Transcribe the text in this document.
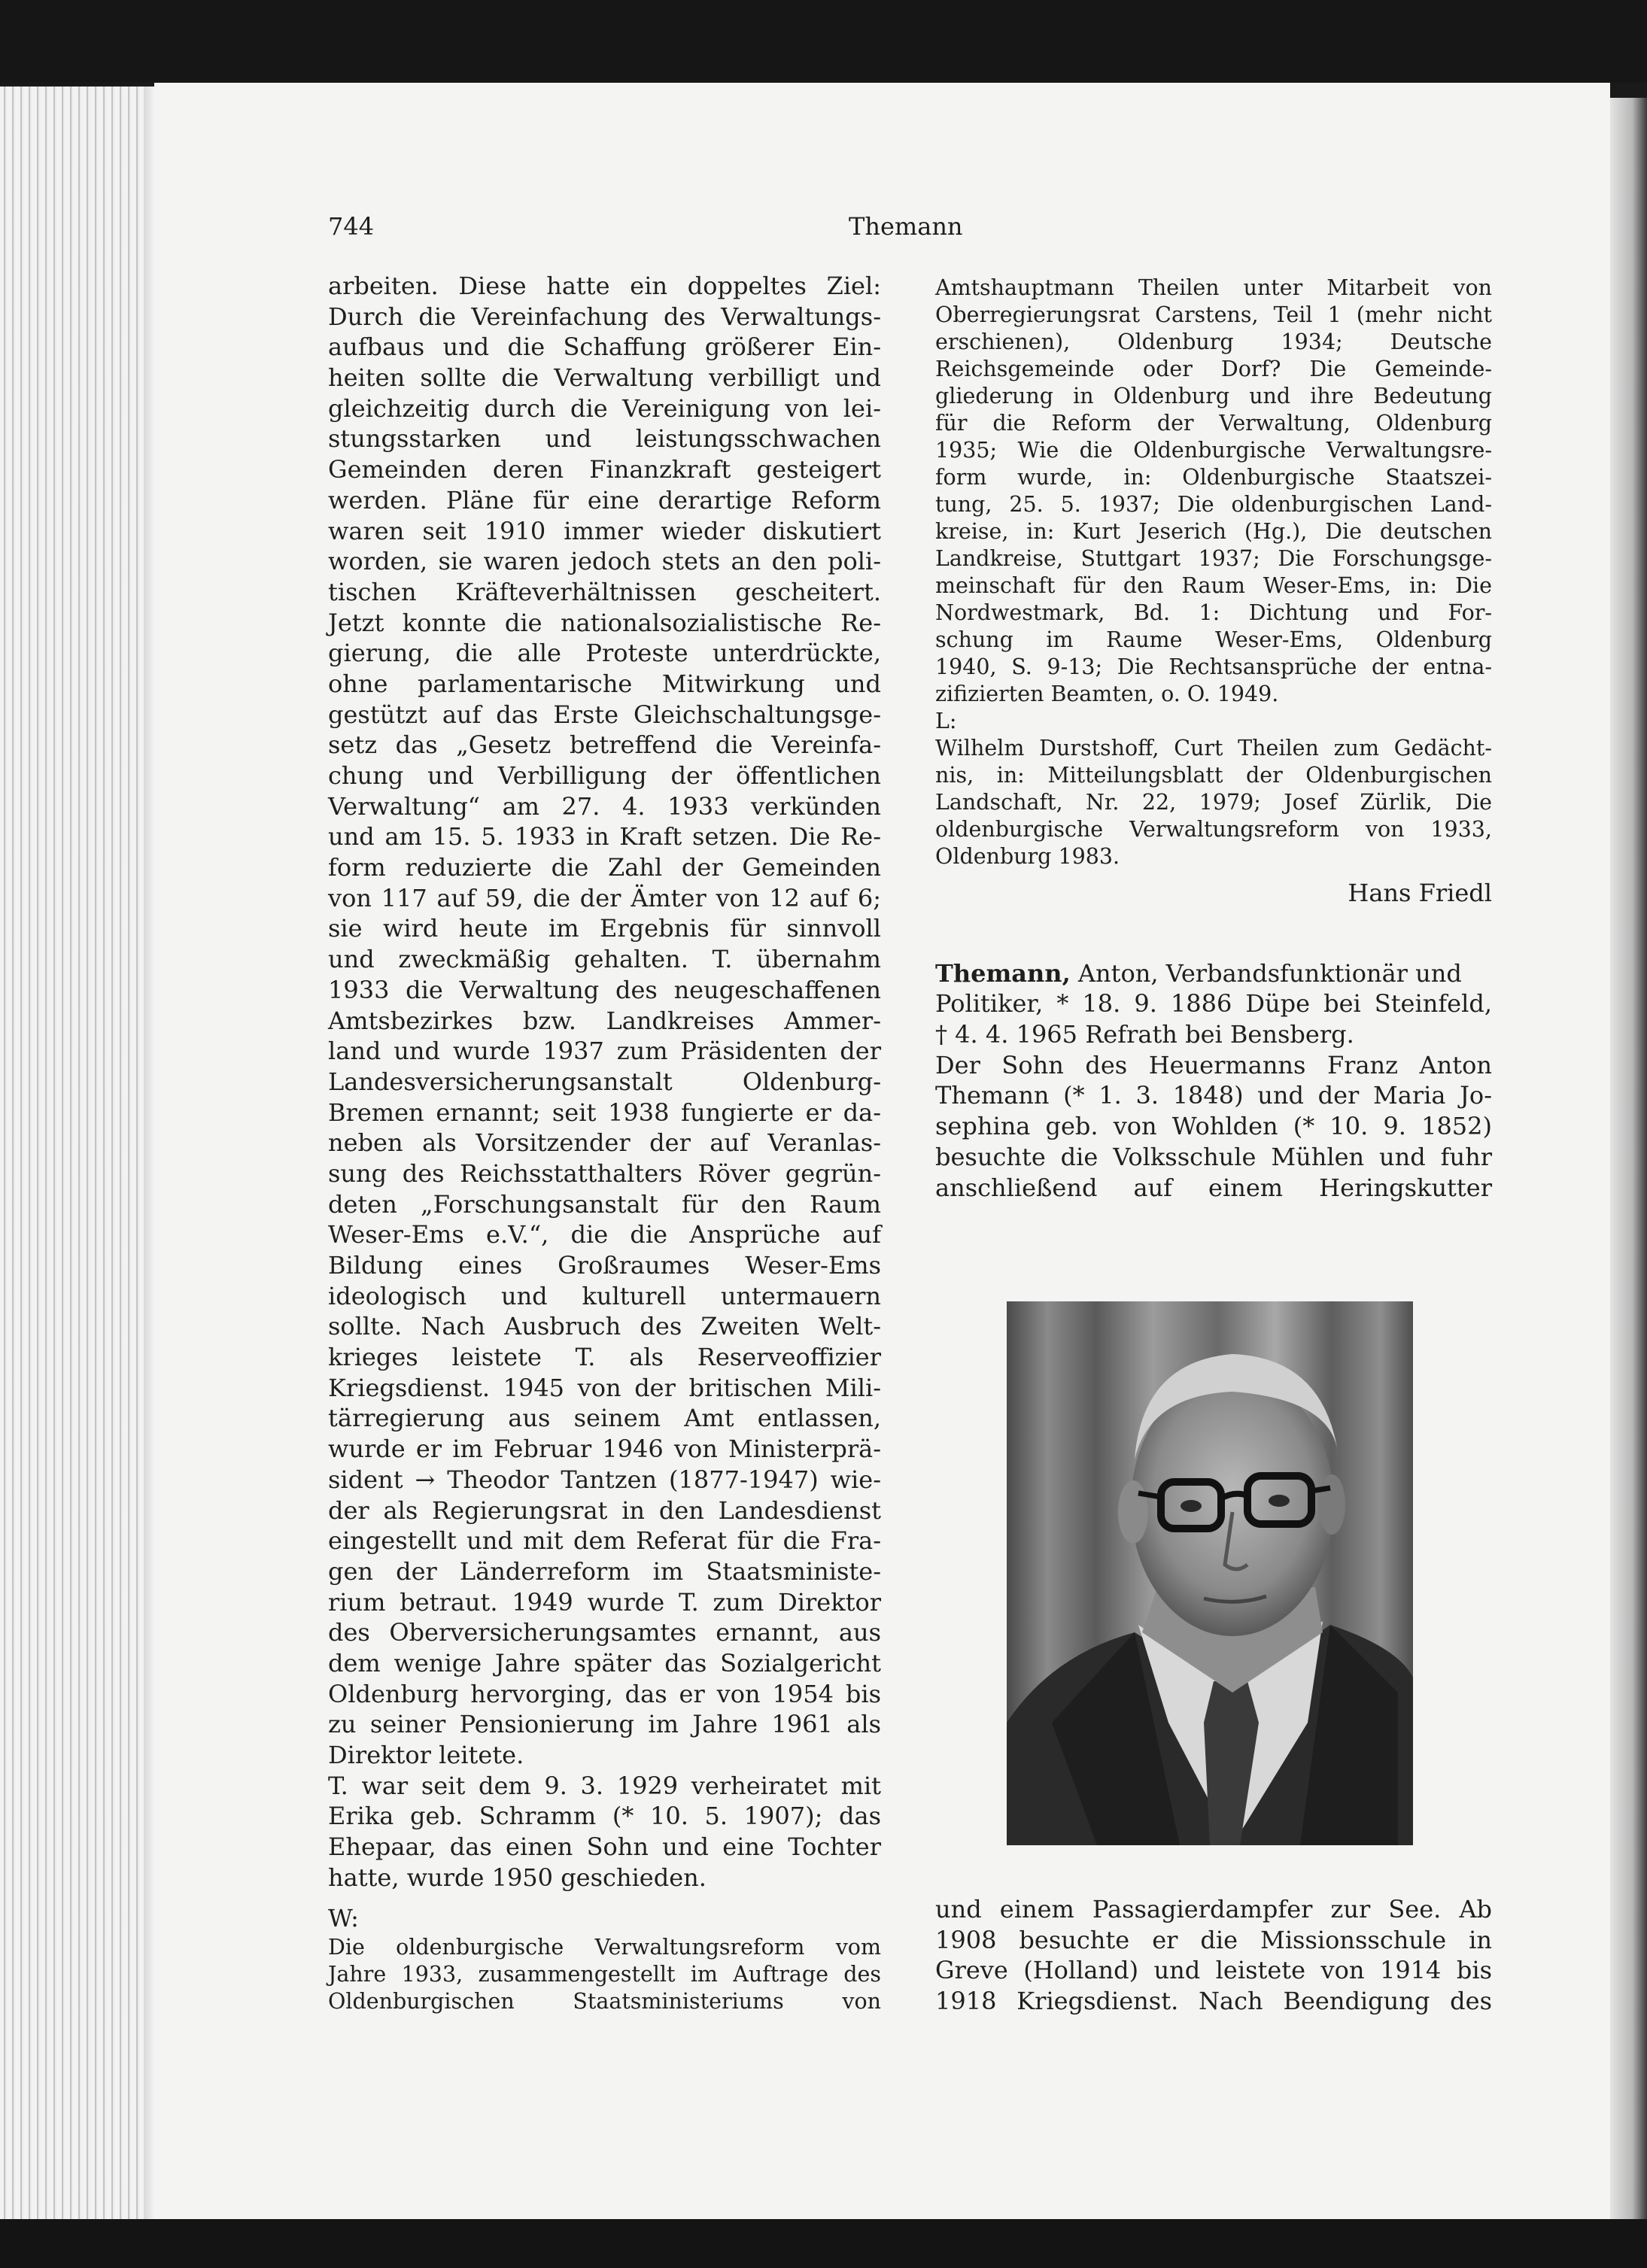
744	Themann
arbeiten. Diese hatte ein doppeltes Ziel:
Durch die Vereinfachung des Verwaltungs-
aufbaus und die Schaffung größerer Ein-
heiten sollte die Verwaltung verbilligt und
gleichzeitig durch die Vereinigung von lei-
stungsstarken und leistungsschwachen
Gemeinden deren Finanzkraft gesteigert
werden. Pläne für eine derartige Reform
waren seit 1910 immer wieder diskutiert
worden, sie waren jedoch stets an den poli-
tischen Kräfteverhältnissen gescheitert.
Jetzt konnte die nationalsozialistische Re-
gierung, die alle Proteste unterdrückte,
ohne parlamentarische Mitwirkung und
gestützt auf das Erste Gleichschaltungsge-
setz das „Gesetz betreffend die Vereinfa-
chung und Verbilligung der öffentlichen
Verwaltung“ am 27. 4. 1933 verkünden
und am 15. 5. 1933 in Kraft setzen. Die Re-
form reduzierte die Zahl der Gemeinden
von 117 auf 59, die der Ämter von 12 auf 6;
sie wird heute im Ergebnis für sinnvoll
und zweckmäßig gehalten. T. übernahm
1933 die Verwaltung des neugeschaffenen
Amtsbezirkes bzw. Landkreises Ammer-
land und wurde 1937 zum Präsidenten der
Landesversicherungsanstalt Oldenburg-
Bremen ernannt; seit 1938 fungierte er da-
neben als Vorsitzender der auf Veranlas-
sung des Reichsstatthalters Röver gegrün-
deten „Forschungsanstalt für den Raum
Weser-Ems e.V.“, die die Ansprüche auf
Bildung eines Großraumes Weser-Ems
ideologisch und kulturell untermauern
sollte. Nach Ausbruch des Zweiten Welt-
krieges leistete T. als Reserveoffizier
Kriegsdienst. 1945 von der britischen Mili-
tärregierung aus seinem Amt entlassen,
wurde er im Februar 1946 von Ministerprä-
sident → Theodor Tantzen (1877-1947) wie-
der als Regierungsrat in den Landesdienst
eingestellt und mit dem Referat für die Fra-
gen der Länderreform im Staatsministe-
rium betraut. 1949 wurde T. zum Direktor
des Oberversicherungsamtes ernannt, aus
dem wenige Jahre später das Sozialgericht
Oldenburg hervorging, das er von 1954 bis
zu seiner Pensionierung im Jahre 1961 als
Direktor leitete.
T. war seit dem 9. 3. 1929 verheiratet mit
Erika geb. Schramm (* 10. 5. 1907); das
Ehepaar, das einen Sohn und eine Tochter
hatte, wurde 1950 geschieden.
W:
Die oldenburgische Verwaltungsreform vom
Jahre 1933, zusammengestellt im Auftrage des
Oldenburgischen Staatsministeriums von
Amtshauptmann Theilen unter Mitarbeit von
Oberregierungsrat Carstens, Teil 1 (mehr nicht
erschienen), Oldenburg 1934; Deutsche
Reichsgemeinde oder Dorf? Die Gemeinde-
gliederung in Oldenburg und ihre Bedeutung
für die Reform der Verwaltung, Oldenburg
1935; Wie die Oldenburgische Verwaltungsre-
form wurde, in: Oldenburgische Staatszei-
tung, 25. 5. 1937; Die oldenburgischen Land-
kreise, in: Kurt Jeserich (Hg.), Die deutschen
Landkreise, Stuttgart 1937; Die Forschungsge-
meinschaft für den Raum Weser-Ems, in: Die
Nordwestmark, Bd. 1: Dichtung und For-
schung im Raume Weser-Ems, Oldenburg
1940, S. 9-13; Die Rechtsansprüche der entna-
zifizierten Beamten, o. O. 1949.
L:
Wilhelm Durstshoff, Curt Theilen zum Gedächt-
nis, in: Mitteilungsblatt der Oldenburgischen
Landschaft, Nr. 22, 1979; Josef Zürlik, Die
oldenburgische Verwaltungsreform von 1933,
Oldenburg 1983.
Hans Friedl
Themann, Anton, Verbandsfunktionär und
Politiker, * 18. 9. 1886 Düpe bei Steinfeld,
† 4. 4. 1965 Refrath bei Bensberg.
Der Sohn des Heuermanns Franz Anton
Themann (* 1. 3. 1848) und der Maria Jo-
sephina geb. von Wohlden (* 10. 9. 1852)
besuchte die Volksschule Mühlen und fuhr
anschließend auf einem Heringskutter
und einem Passagierdampfer zur See. Ab
1908 besuchte er die Missionsschule in
Greve (Holland) und leistete von 1914 bis
1918 Kriegsdienst. Nach Beendigung des
